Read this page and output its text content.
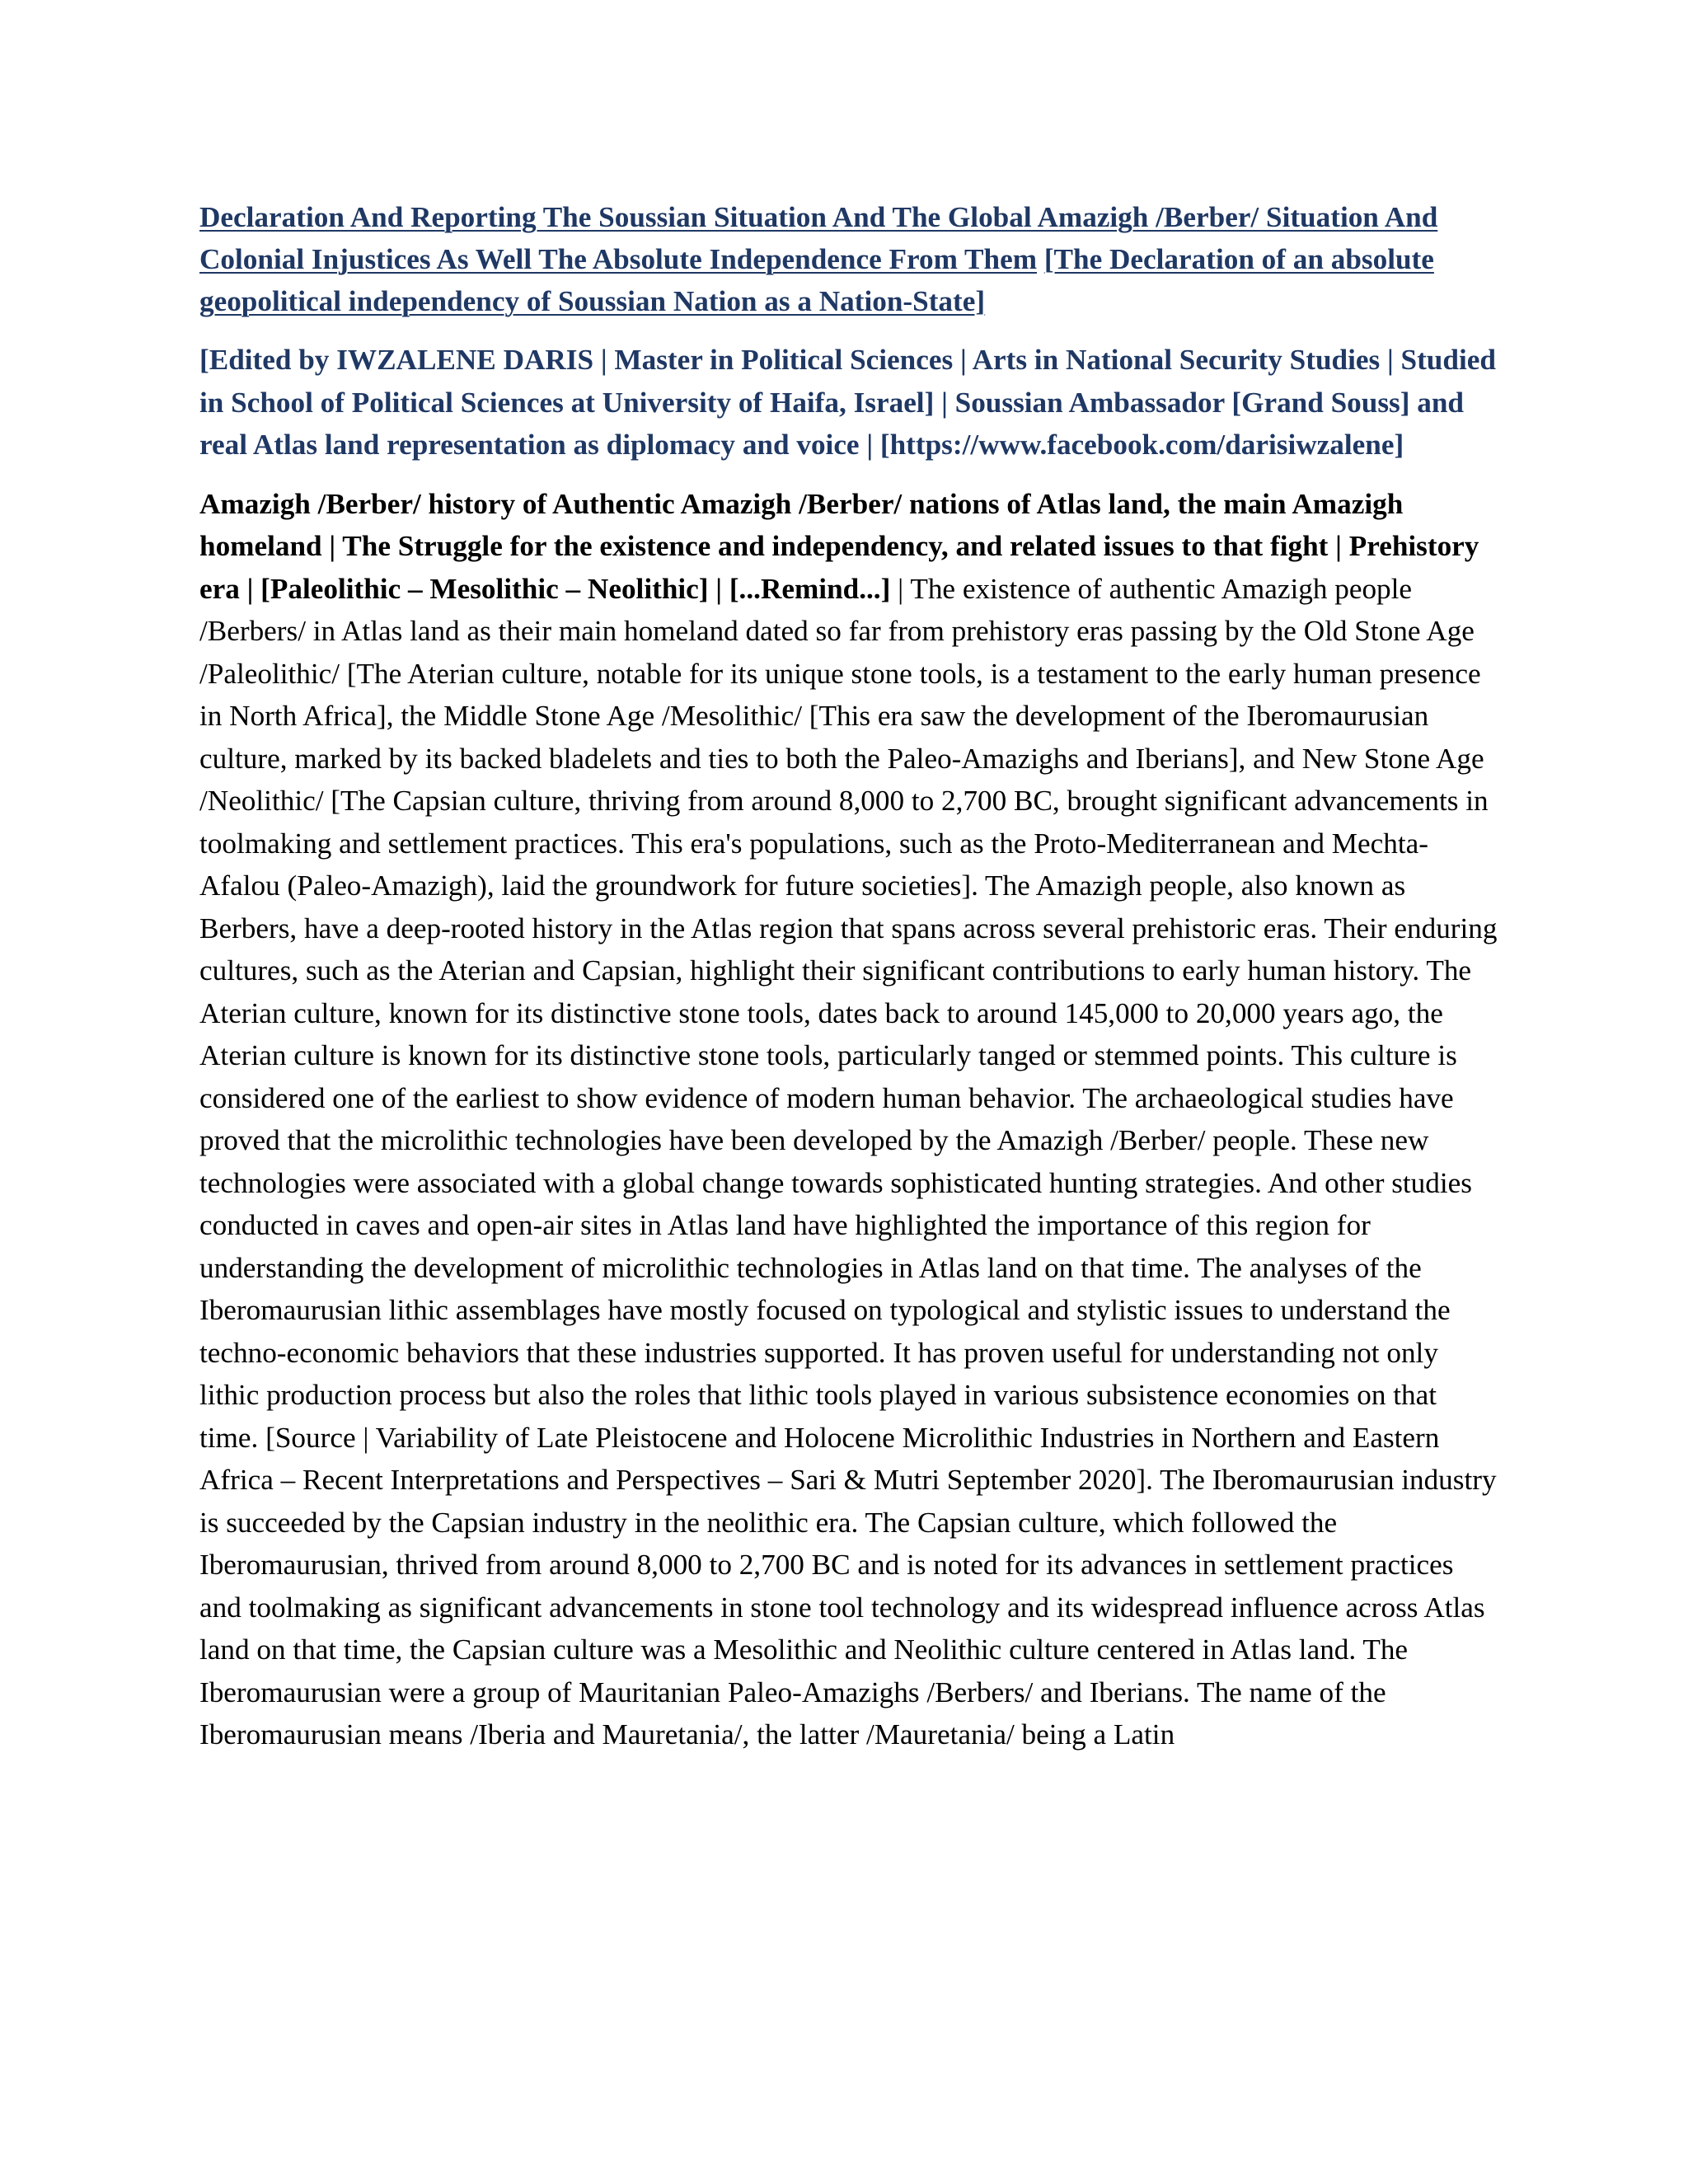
Declaration And Reporting The Soussian Situation And The Global Amazigh /Berber/ Situation And Colonial Injustices As Well The Absolute Independence From Them [The Declaration of an absolute geopolitical independency of Soussian Nation as a Nation-State]

[Edited by IWZALENE DARIS | Master in Political Sciences | Arts in National Security Studies | Studied in School of Political Sciences at University of Haifa, Israel] | Soussian Ambassador [Grand Souss] and real Atlas land representation as diplomacy and voice | [https://www.facebook.com/darisiwzalene]

Amazigh /Berber/ history of Authentic Amazigh /Berber/ nations of Atlas land, the main Amazigh homeland | The Struggle for the existence and independency, and related issues to that fight | Prehistory era | [Paleolithic – Mesolithic – Neolithic] | [...Remind...] | The existence of authentic Amazigh people /Berbers/ in Atlas land as their main homeland dated so far from prehistory eras passing by the Old Stone Age /Paleolithic/ [The Aterian culture, notable for its unique stone tools, is a testament to the early human presence in North Africa], the Middle Stone Age /Mesolithic/ [This era saw the development of the Iberomaurusian culture, marked by its backed bladelets and ties to both the Paleo-Amazighs and Iberians], and New Stone Age /Neolithic/ [The Capsian culture, thriving from around 8,000 to 2,700 BC, brought significant advancements in toolmaking and settlement practices. This era's populations, such as the Proto-Mediterranean and Mechta-Afalou (Paleo-Amazigh), laid the groundwork for future societies]. The Amazigh people, also known as Berbers, have a deep-rooted history in the Atlas region that spans across several prehistoric eras. Their enduring cultures, such as the Aterian and Capsian, highlight their significant contributions to early human history. The Aterian culture, known for its distinctive stone tools, dates back to around 145,000 to 20,000 years ago, the Aterian culture is known for its distinctive stone tools, particularly tanged or stemmed points. This culture is considered one of the earliest to show evidence of modern human behavior. The archaeological studies have proved that the microlithic technologies have been developed by the Amazigh /Berber/ people. These new technologies were associated with a global change towards sophisticated hunting strategies. And other studies conducted in caves and open-air sites in Atlas land have highlighted the importance of this region for understanding the development of microlithic technologies in Atlas land on that time. The analyses of the Iberomaurusian lithic assemblages have mostly focused on typological and stylistic issues to understand the techno-economic behaviors that these industries supported. It has proven useful for understanding not only lithic production process but also the roles that lithic tools played in various subsistence economies on that time. [Source | Variability of Late Pleistocene and Holocene Microlithic Industries in Northern and Eastern Africa – Recent Interpretations and Perspectives – Sari & Mutri September 2020]. The Iberomaurusian industry is succeeded by the Capsian industry in the neolithic era. The Capsian culture, which followed the Iberomaurusian, thrived from around 8,000 to 2,700 BC and is noted for its advances in settlement practices and toolmaking as significant advancements in stone tool technology and its widespread influence across Atlas land on that time, the Capsian culture was a Mesolithic and Neolithic culture centered in Atlas land. The Iberomaurusian were a group of Mauritanian Paleo-Amazighs /Berbers/ and Iberians. The name of the Iberomaurusian means /Iberia and Mauretania/, the latter /Mauretania/ being a Latin
